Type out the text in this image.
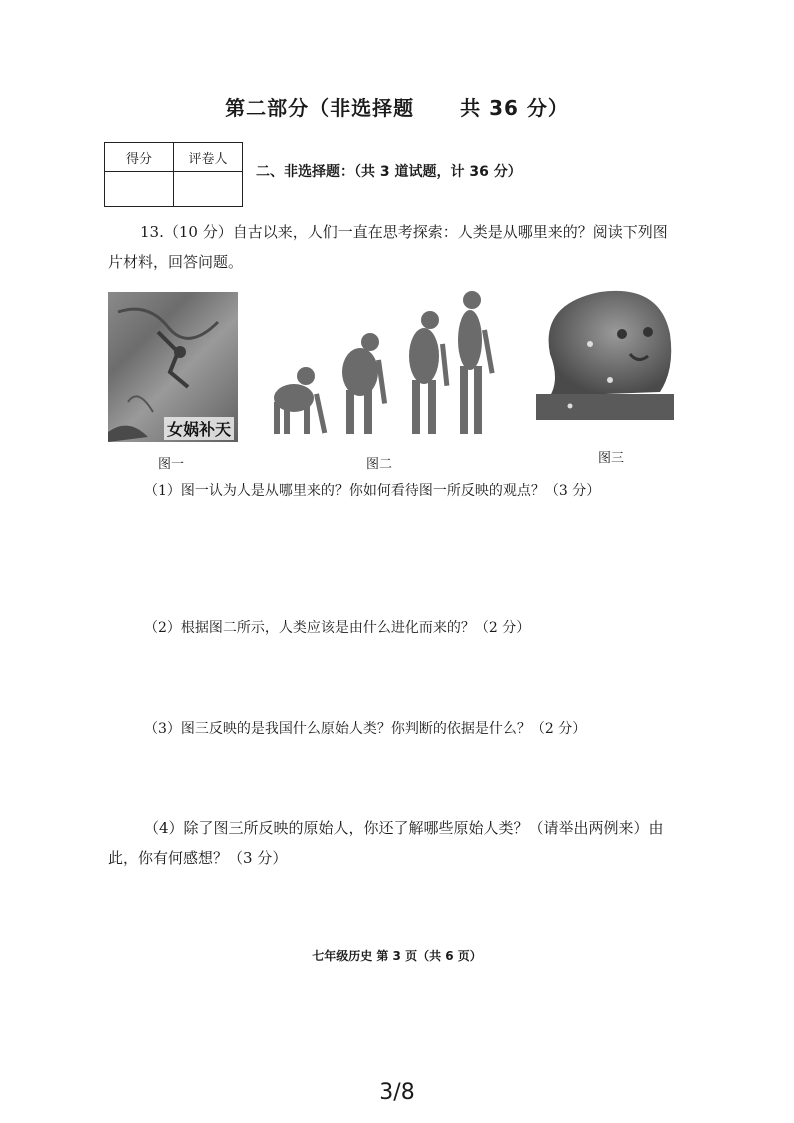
第二部分（非选择题 共 36 分）
得分	评卷人

二、非选择题：（共 3 道试题，计 36 分）
13.（10 分）自古以来，人们一直在思考探索：人类是从哪里来的？阅读下列图
片材料，回答问题。
女娲补天
图一	图二	图三
（1）图一认为人是从哪里来的？你如何看待图一所反映的观点？（3 分）
（2）根据图二所示，人类应该是由什么进化而来的？（2 分）
（3）图三反映的是我国什么原始人类？你判断的依据是什么？（2 分）
（4）除了图三所反映的原始人，你还了解哪些原始人类？（请举出两例来）由
此，你有何感想？（3 分）
七年级历史 第 3 页（共 6 页）
3/8
